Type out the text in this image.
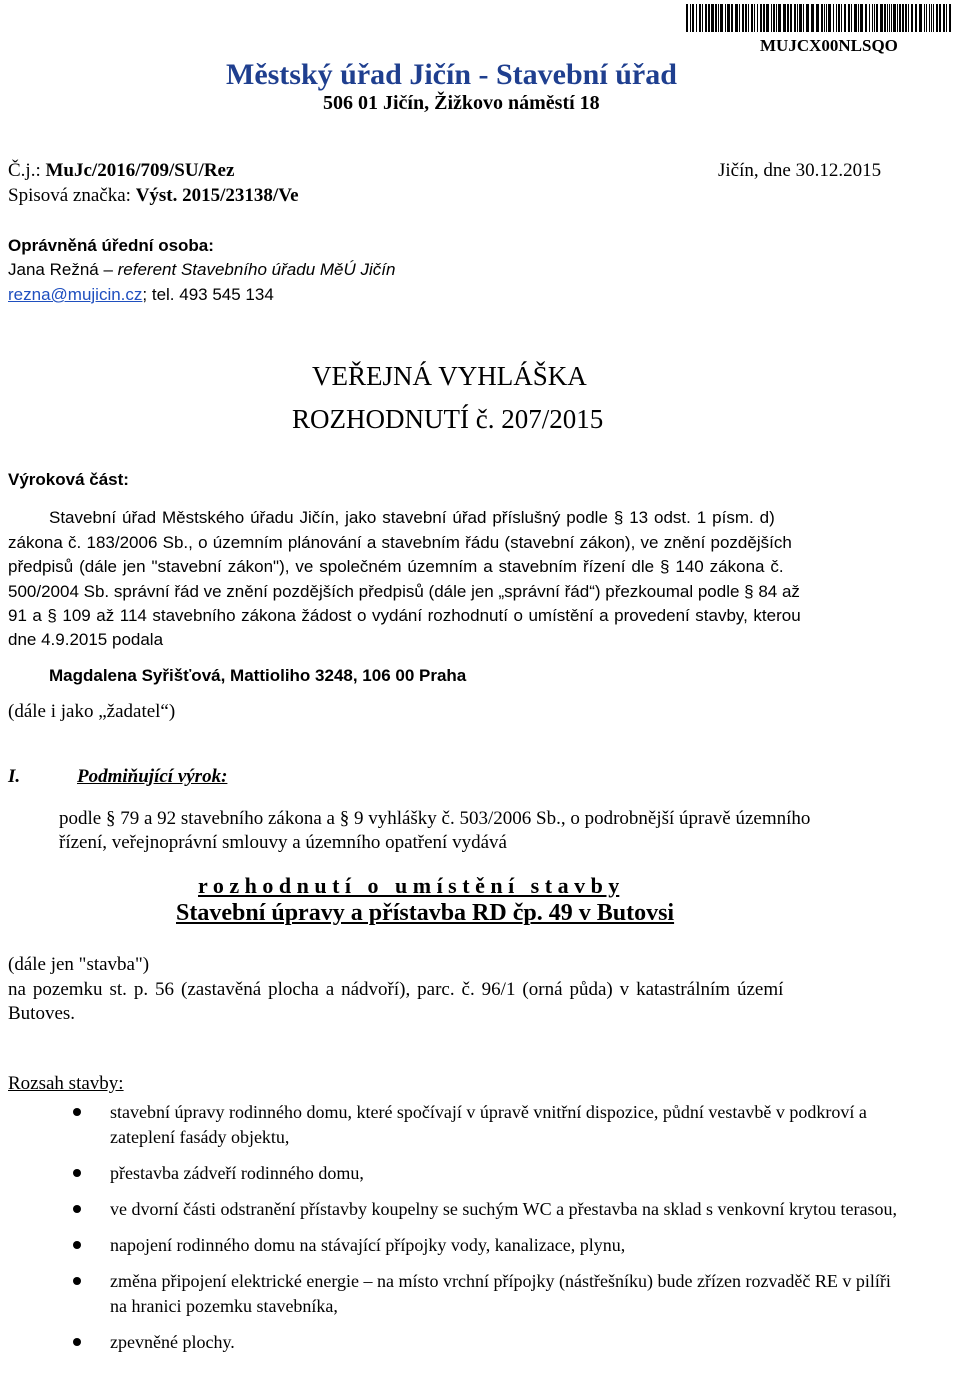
MUJCX00NLSQO
Městský úřad Jičín - Stavební úřad
506 01 Jičín, Žižkovo náměstí 18
Č.j.: MuJc/2016/709/SU/Rez	Jičín, dne 30.12.2015
Spisová značka: Výst. 2015/23138/Ve
Oprávněná úřední osoba:
Jana Režná – referent Stavebního úřadu MěÚ Jičín
rezna@mujicin.cz; tel. 493 545 134
VEŘEJNÁ VYHLÁŠKA
ROZHODNUTÍ č. 207/2015
Výroková část:
Stavební úřad Městského úřadu Jičín, jako stavební úřad příslušný podle § 13 odst. 1 písm. d)
zákona č. 183/2006 Sb., o územním plánování a stavebním řádu (stavební zákon), ve znění pozdějších
předpisů (dále jen "stavební zákon"), ve společném územním a stavebním řízení dle § 140 zákona č.
500/2004 Sb. správní řád ve znění pozdějších předpisů (dále jen „správní řád“) přezkoumal podle § 84 až
91 a § 109 až 114 stavebního zákona žádost o vydání rozhodnutí o umístění a provedení stavby, kterou
dne 4.9.2015 podala
Magdalena Syřišťová, Mattioliho 3248, 106 00 Praha
(dále i jako „žadatel“)
I.	Podmiňující výrok:
podle § 79 a 92 stavebního zákona a § 9 vyhlášky č. 503/2006 Sb., o podrobnější úpravě územního
řízení, veřejnoprávní smlouvy a územního opatření vydává
r o z h o d n u t í   o   u m í s t ě n í   s t a v b y
Stavební úpravy a přístavba RD čp. 49 v Butovsi
(dále jen "stavba")
na pozemku st. p. 56 (zastavěná plocha a nádvoří), parc. č. 96/1 (orná půda) v katastrálním území
Butoves.
Rozsah stavby:
stavební úpravy rodinného domu, které spočívají v úpravě vnitřní dispozice, půdní vestavbě v podkroví a zateplení fasády objektu,
přestavba zádveří rodinného domu,
ve dvorní části odstranění přístavby koupelny se suchým WC a přestavba na sklad s venkovní krytou terasou,
napojení rodinného domu na stávající přípojky vody, kanalizace, plynu,
změna připojení elektrické energie – na místo vrchní přípojky (nástřešníku) bude zřízen rozvaděč RE v pilíři na hranici pozemku stavebníka,
zpevněné plochy.
